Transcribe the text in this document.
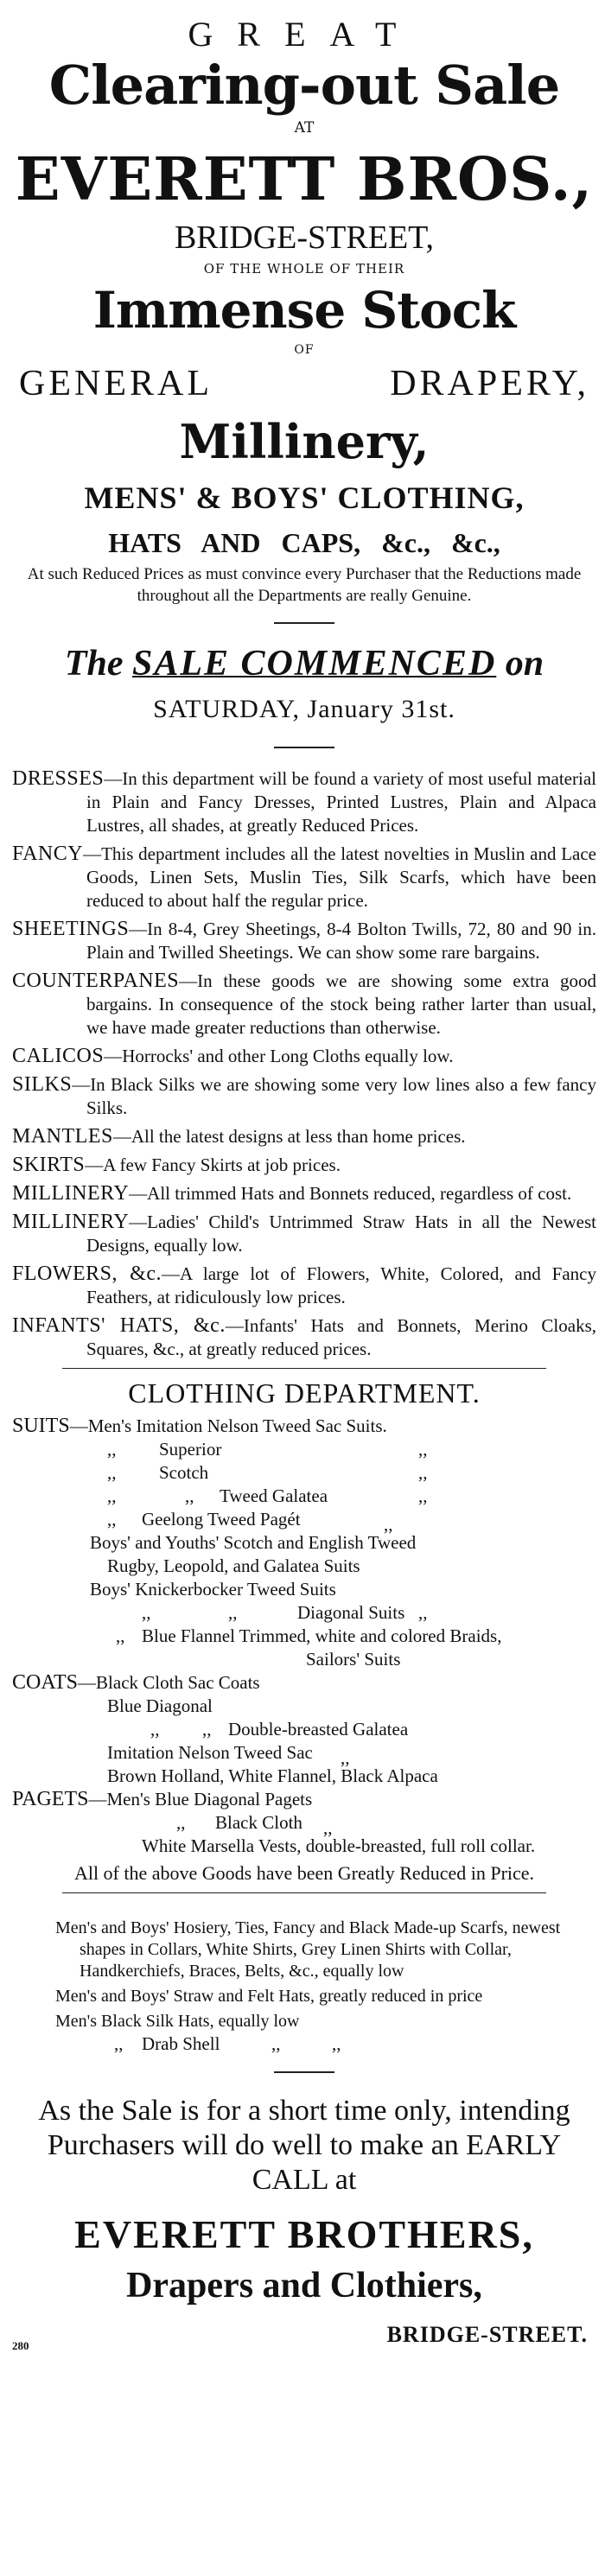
GREAT
Clearing-out Sale
AT
EVERETT BROS.,
BRIDGE-STREET,
OF THE WHOLE OF THEIR
Immense Stock
OF
GENERAL	DRAPERY,
Millinery,
MENS' & BOYS' CLOTHING,
HATS AND CAPS, &c., &c.,
At such Reduced Prices as must convince every Purchaser that the Reductions made throughout all the Departments are really Genuine.
The SALE COMMENCED on
SATURDAY, January 31st.
DRESSES—In this department will be found a variety of most useful material in Plain and Fancy Dresses, Printed Lustres, Plain and Alpaca Lustres, all shades, at greatly Reduced Prices.
FANCY—This department includes all the latest novelties in Muslin and Lace Goods, Linen Sets, Muslin Ties, Silk Scarfs, which have been reduced to about half the regular price.
SHEETINGS—In 8-4, Grey Sheetings, 8-4 Bolton Twills, 72, 80 and 90 in. Plain and Twilled Sheetings. We can show some rare bargains.
COUNTERPANES—In these goods we are showing some extra good bargains. In consequence of the stock being rather larter than usual, we have made greater reductions than otherwise.
CALICOS—Horrocks' and other Long Cloths equally low.
SILKS—In Black Silks we are showing some very low lines also a few fancy Silks.
MANTLES—All the latest designs at less than home prices.
SKIRTS—A few Fancy Skirts at job prices.
MILLINERY—All trimmed Hats and Bonnets reduced, regardless of cost.
MILLINERY—Ladies' Child's Untrimmed Straw Hats in all the Newest Designs, equally low.
FLOWERS, &c.—A large lot of Flowers, White, Colored, and Fancy Feathers, at ridiculously low prices.
INFANTS' HATS, &c.—Infants' Hats and Bonnets, Merino Cloaks, Squares, &c., at greatly reduced prices.
CLOTHING DEPARTMENT.
SUITS—Men's Imitation Nelson Tweed Sac Suits.
,, Superior	,,
,, Scotch	,,
,,	,, Tweed Galatea	,,
,, Geelong Tweed Pagét	,,
Boys' and Youths' Scotch and English Tweed
Rugby, Leopold, and Galatea Suits
Boys' Knickerbocker Tweed Suits
,,	,,	Diagonal Suits ,,
,, Blue Flannel Trimmed, white and colored Braids,
Sailors' Suits
COATS—Black Cloth Sac Coats
Blue Diagonal
,, ,, Double-breasted Galatea
Imitation Nelson Tweed Sac ,,
Brown Holland, White Flannel, Black Alpaca
PAGETS—Men's Blue Diagonal Pagets
,, Black Cloth ,,
White Marsella Vests, double-breasted, full roll collar.
All of the above Goods have been Greatly Reduced in Price.
Men's and Boys' Hosiery, Ties, Fancy and Black Made-up Scarfs, newest shapes in Collars, White Shirts, Grey Linen Shirts with Collar, Handkerchiefs, Braces, Belts, &c., equally low
Men's and Boys' Straw and Felt Hats, greatly reduced in price
Men's Black Silk Hats, equally low
,, Drab Shell	,,	,,
As the Sale is for a short time only, intending Purchasers will do well to make an EARLY CALL at
EVERETT BROTHERS,
Drapers and Clothiers,
280	BRIDGE-STREET.
